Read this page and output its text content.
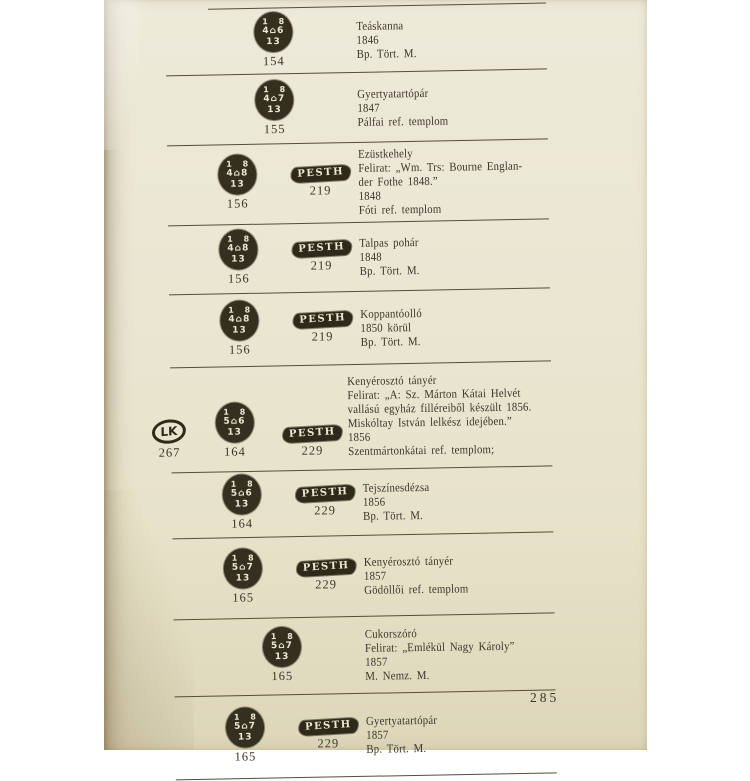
1 8
4⌂6
13
154
Teáskanna
1846
Bp. Tört. M.
1 8
4⌂7
13
155
Gyertyatartópár
1847
Pálfai ref. templom
1 8
4⌂8
13
156
PESTH
219
Ezüstkehely
Felirat: „Wm. Trs: Bourne Englan-
der Fothe 1848.”
1848
Fóti ref. templom
1 8
4⌂8
13
156
PESTH
219
Talpas pohár
1848
Bp. Tört. M.
1 8
4⌂8
13
156
PESTH
219
Koppantóolló
1850 körül
Bp. Tört. M.
LK
267
1 8
5⌂6
13
164
PESTH
229
Kenyérosztó tányér
Felirat: „A: Sz. Márton Kátai Helvét
vallású egyház filléreiből készült 1856.
Miskóltay István lelkész idejében.”
1856
Szentmártonkátai ref. templom;
1 8
5⌂6
13
164
PESTH
229
Tejszínesdézsa
1856
Bp. Tört. M.
1 8
5⌂7
13
165
PESTH
229
Kenyérosztó tányér
1857
Gödöllői ref. templom
1 8
5⌂7
13
165
Cukorszóró
Felirat: „Emlékül Nagy Károly”
1857
M. Nemz. M.
1 8
5⌂7
13
165
PESTH
229
Gyertyatartópár
1857
Bp. Tört. M.
285
